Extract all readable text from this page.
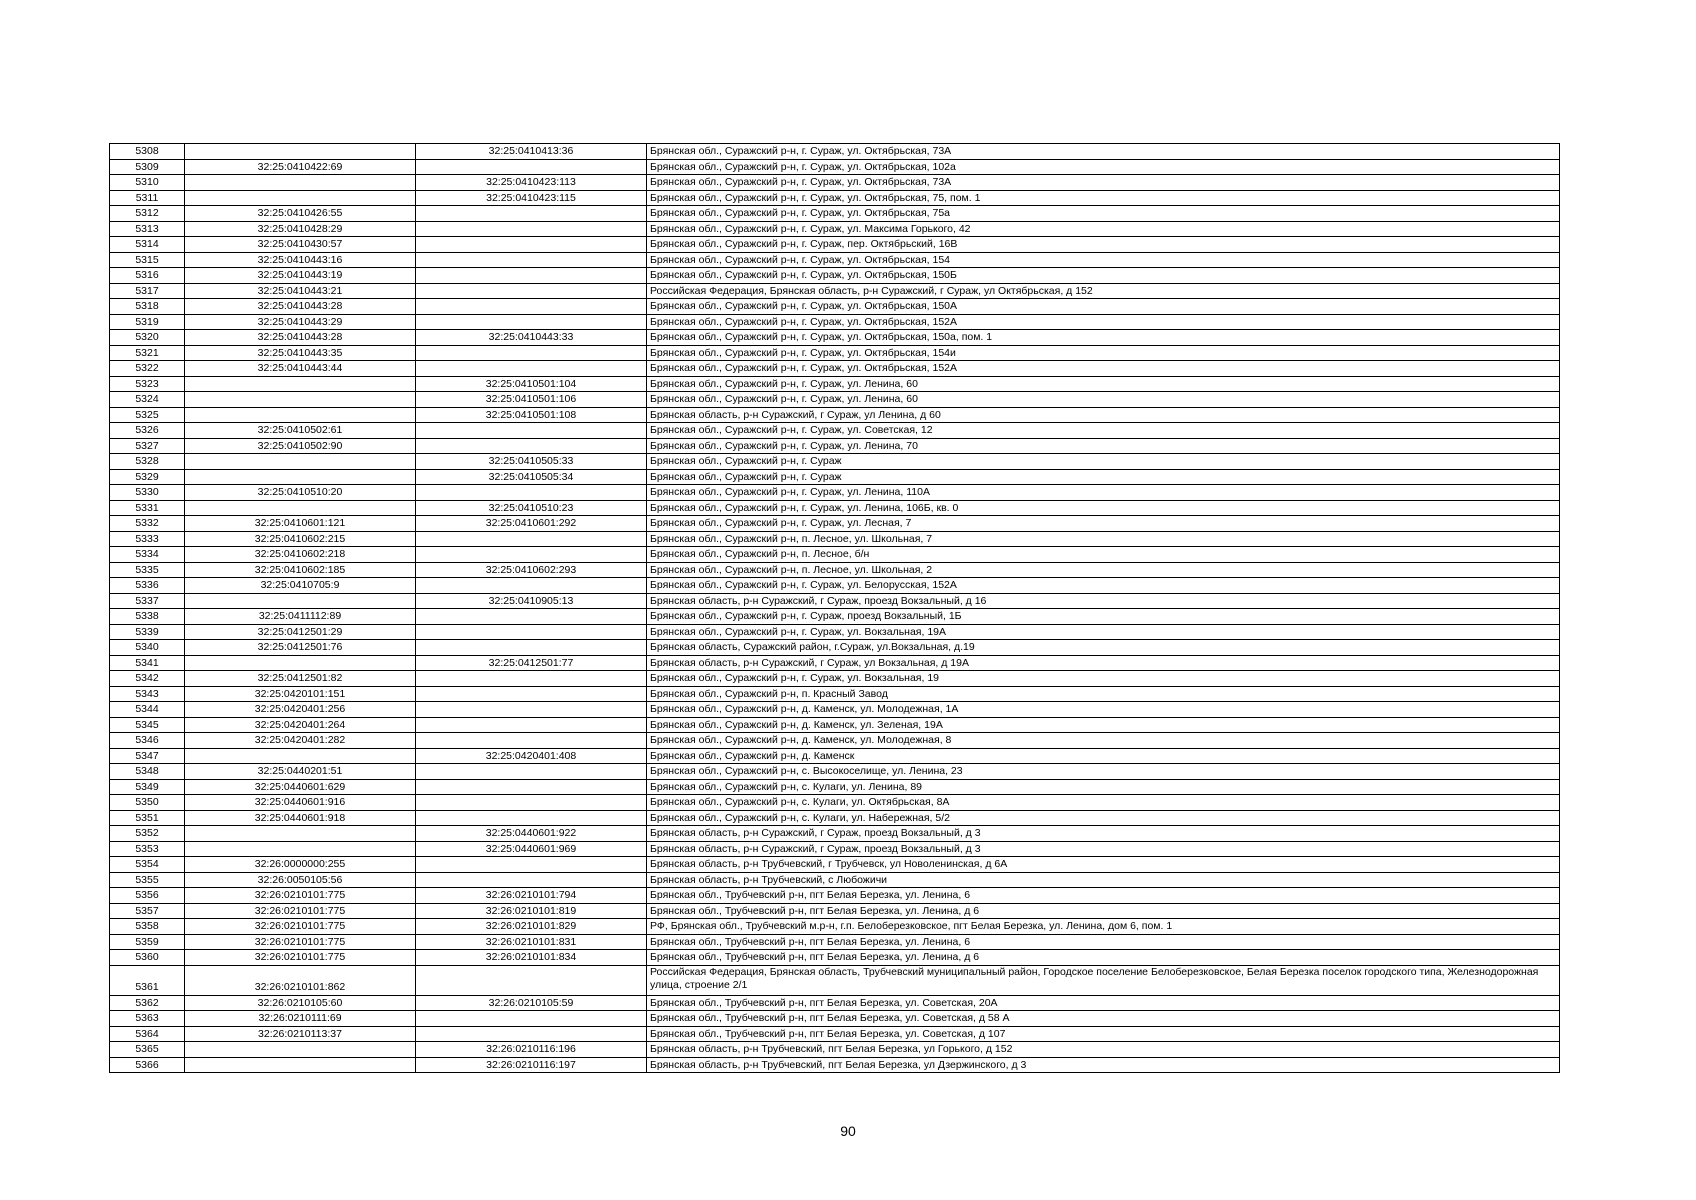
5308		32:25:0410413:36	Брянская обл., Суражский р-н, г. Сураж, ул. Октябрьская, 73А
5309	32:25:0410422:69		Брянская обл., Суражский р-н, г. Сураж, ул. Октябрьская, 102а
5310		32:25:0410423:113	Брянская обл., Суражский р-н, г. Сураж, ул. Октябрьская, 73А
5311		32:25:0410423:115	Брянская обл., Суражский р-н, г. Сураж, ул. Октябрьская, 75, пом. 1
5312	32:25:0410426:55		Брянская обл., Суражский р-н, г. Сураж, ул. Октябрьская, 75а
5313	32:25:0410428:29		Брянская обл., Суражский р-н, г. Сураж, ул. Максима Горького, 42
5314	32:25:0410430:57		Брянская обл., Суражский р-н, г. Сураж, пер. Октябрьский, 16В
5315	32:25:0410443:16		Брянская обл., Суражский р-н, г. Сураж, ул. Октябрьская, 154
5316	32:25:0410443:19		Брянская обл., Суражский р-н, г. Сураж, ул. Октябрьская, 150Б
5317	32:25:0410443:21		Российская Федерация, Брянская область, р-н Суражский, г Сураж, ул Октябрьская, д 152
5318	32:25:0410443:28		Брянская обл., Суражский р-н, г. Сураж, ул. Октябрьская, 150А
5319	32:25:0410443:29		Брянская обл., Суражский р-н, г. Сураж, ул. Октябрьская, 152А
5320	32:25:0410443:28	32:25:0410443:33	Брянская обл., Суражский р-н, г. Сураж, ул. Октябрьская, 150а, пом. 1
5321	32:25:0410443:35		Брянская обл., Суражский р-н, г. Сураж, ул. Октябрьская, 154и
5322	32:25:0410443:44		Брянская обл., Суражский р-н, г. Сураж, ул. Октябрьская, 152А
5323		32:25:0410501:104	Брянская обл., Суражский р-н, г. Сураж, ул. Ленина, 60
5324		32:25:0410501:106	Брянская обл., Суражский р-н, г. Сураж, ул. Ленина, 60
5325		32:25:0410501:108	Брянская область, р-н Суражский, г Сураж, ул Ленина, д 60
5326	32:25:0410502:61		Брянская обл., Суражский р-н, г. Сураж, ул. Советская, 12
5327	32:25:0410502:90		Брянская обл., Суражский р-н, г. Сураж, ул. Ленина, 70
5328		32:25:0410505:33	Брянская обл., Суражский р-н, г. Сураж
5329		32:25:0410505:34	Брянская обл., Суражский р-н, г. Сураж
5330	32:25:0410510:20		Брянская обл., Суражский р-н, г. Сураж, ул. Ленина, 110А
5331		32:25:0410510:23	Брянская обл., Суражский р-н, г. Сураж, ул. Ленина, 106Б, кв. 0
5332	32:25:0410601:121	32:25:0410601:292	Брянская обл., Суражский р-н, г. Сураж, ул. Лесная, 7
5333	32:25:0410602:215		Брянская обл., Суражский р-н, п. Лесное, ул. Школьная, 7
5334	32:25:0410602:218		Брянская обл., Суражский р-н, п. Лесное, б/н
5335	32:25:0410602:185	32:25:0410602:293	Брянская обл., Суражский р-н, п. Лесное, ул. Школьная, 2
5336	32:25:0410705:9		Брянская обл., Суражский р-н, г. Сураж, ул. Белорусская, 152А
5337		32:25:0410905:13	Брянская область, р-н Суражский, г Сураж, проезд Вокзальный, д 16
5338	32:25:0411112:89		Брянская обл., Суражский р-н, г. Сураж, проезд Вокзальный, 1Б
5339	32:25:0412501:29		Брянская обл., Суражский р-н, г. Сураж, ул. Вокзальная, 19А
5340	32:25:0412501:76		Брянская область, Суражский район, г.Сураж, ул.Вокзальная, д.19
5341		32:25:0412501:77	Брянская область, р-н Суражский, г Сураж, ул Вокзальная, д 19А
5342	32:25:0412501:82		Брянская обл., Суражский р-н, г. Сураж, ул. Вокзальная, 19
5343	32:25:0420101:151		Брянская обл., Суражский р-н, п. Красный Завод
5344	32:25:0420401:256		Брянская обл., Суражский р-н, д. Каменск, ул. Молодежная, 1А
5345	32:25:0420401:264		Брянская обл., Суражский р-н, д. Каменск, ул. Зеленая, 19А
5346	32:25:0420401:282		Брянская обл., Суражский р-н, д. Каменск, ул. Молодежная, 8
5347		32:25:0420401:408	Брянская обл., Суражский р-н, д. Каменск
5348	32:25:0440201:51		Брянская обл., Суражский р-н, с. Высокоселище, ул. Ленина, 23
5349	32:25:0440601:629		Брянская обл., Суражский р-н, с. Кулаги, ул. Ленина, 89
5350	32:25:0440601:916		Брянская обл., Суражский р-н, с. Кулаги, ул. Октябрьская, 8А
5351	32:25:0440601:918		Брянская обл., Суражский р-н, с. Кулаги, ул. Набережная, 5/2
5352		32:25:0440601:922	Брянская область, р-н Суражский, г Сураж, проезд Вокзальный, д 3
5353		32:25:0440601:969	Брянская область, р-н Суражский, г Сураж, проезд Вокзальный, д 3
5354	32:26:0000000:255		Брянская область, р-н Трубчевский, г Трубчевск, ул Новоленинская, д 6А
5355	32:26:0050105:56		Брянская область, р-н Трубчевский, с Любожичи
5356	32:26:0210101:775	32:26:0210101:794	Брянская обл., Трубчевский р-н, пгт Белая Березка, ул. Ленина, 6
5357	32:26:0210101:775	32:26:0210101:819	Брянская обл., Трубчевский р-н, пгт Белая Березка, ул. Ленина, д 6
5358	32:26:0210101:775	32:26:0210101:829	РФ, Брянская обл., Трубчевский м.р-н, г.п. Белоберезковское, пгт Белая Березка, ул. Ленина, дом 6, пом. 1
5359	32:26:0210101:775	32:26:0210101:831	Брянская обл., Трубчевский р-н, пгт Белая Березка, ул. Ленина, 6
5360	32:26:0210101:775	32:26:0210101:834	Брянская обл., Трубчевский р-н, пгт Белая Березка, ул. Ленина, д 6
5361	32:26:0210101:862		Российская Федерация, Брянская область, Трубчевский муниципальный район, Городское поселение Белоберезковское, Белая Березка поселок городского типа, Железнодорожная улица, строение 2/1
5362	32:26:0210105:60	32:26:0210105:59	Брянская обл., Трубчевский р-н, пгт Белая Березка, ул. Советская, 20А
5363	32:26:0210111:69		Брянская обл., Трубчевский р-н, пгт Белая Березка, ул. Советская, д 58 А
5364	32:26:0210113:37		Брянская обл., Трубчевский р-н, пгт Белая Березка, ул. Советская, д 107
5365		32:26:0210116:196	Брянская область, р-н Трубчевский, пгт Белая Березка, ул Горького, д 152
5366		32:26:0210116:197	Брянская область, р-н Трубчевский, пгт Белая Березка, ул Дзержинского, д 3
90
